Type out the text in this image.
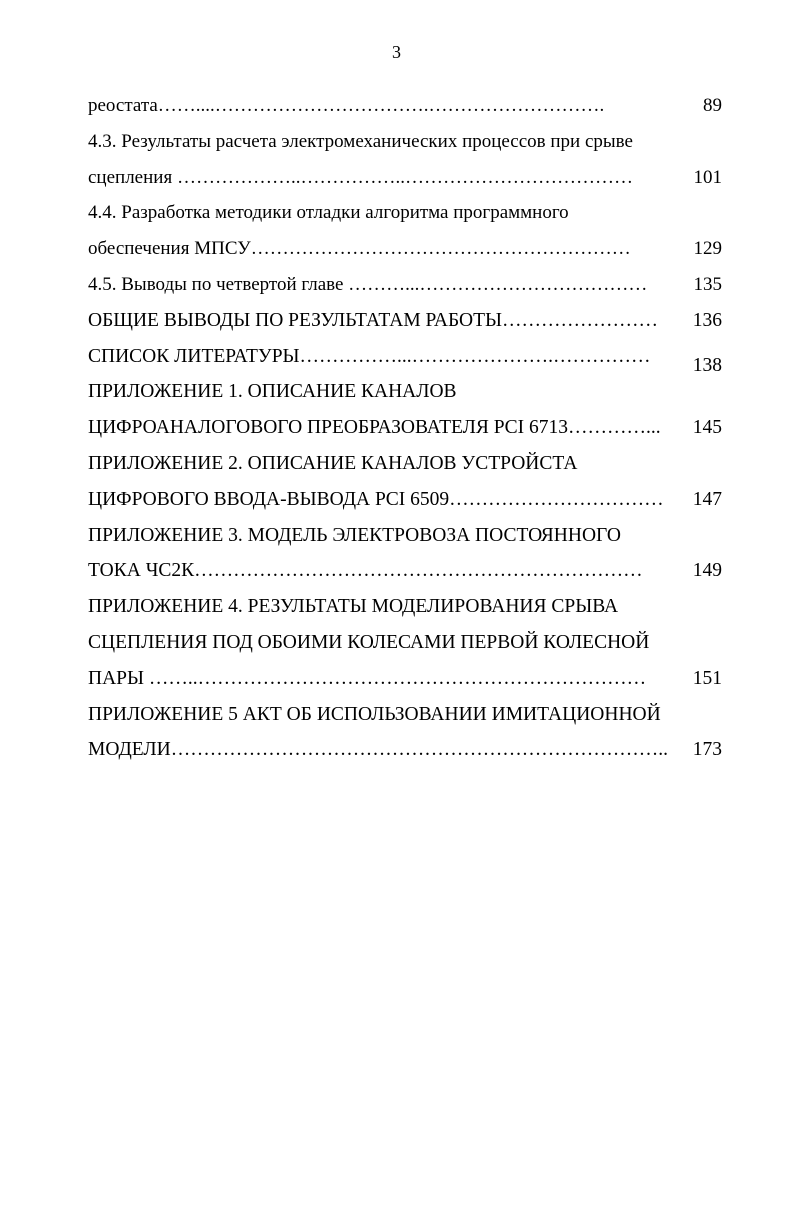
3
реостата……....…………………………….……………………….	89
4.3. Результаты расчета электромеханических процессов при срыве
сцепления ………………..……………..………………………………	101
4.4. Разработка методики отладки алгоритма программного
обеспечения МПСУ……………………………………………………	129
4.5. Выводы по четвертой главе ………...……………………………… 135
ОБЩИЕ ВЫВОДЫ ПО РЕЗУЛЬТАТАМ РАБОТЫ…………………… 136
СПИСОК ЛИТЕРАТУРЫ……………...………………….…………… 138
ПРИЛОЖЕНИЕ 1. ОПИСАНИЕ КАНАЛОВ
ЦИФРОАНАЛОГОВОГО ПРЕОБРАЗОВАТЕЛЯ PCI 6713…………... 145
ПРИЛОЖЕНИЕ 2. ОПИСАНИЕ КАНАЛОВ УСТРОЙСТА
ЦИФРОВОГО ВВОДА-ВЫВОДА PCI 6509…………………………… 147
ПРИЛОЖЕНИЕ 3. МОДЕЛЬ ЭЛЕКТРОВОЗА ПОСТОЯННОГО
ТОКА ЧС2К……………………………………………………………	149
ПРИЛОЖЕНИЕ 4. РЕЗУЛЬТАТЫ МОДЕЛИРОВАНИЯ СРЫВА
СЦЕПЛЕНИЯ ПОД ОБОИМИ КОЛЕСАМИ ПЕРВОЙ КОЛЕСНОЙ
ПАРЫ ……..…………………………………………………………… 151
ПРИЛОЖЕНИЕ 5 АКТ ОБ ИСПОЛЬЗОВАНИИ ИМИТАЦИОННОЙ
МОДЕЛИ………………………………………………………………….. 173
